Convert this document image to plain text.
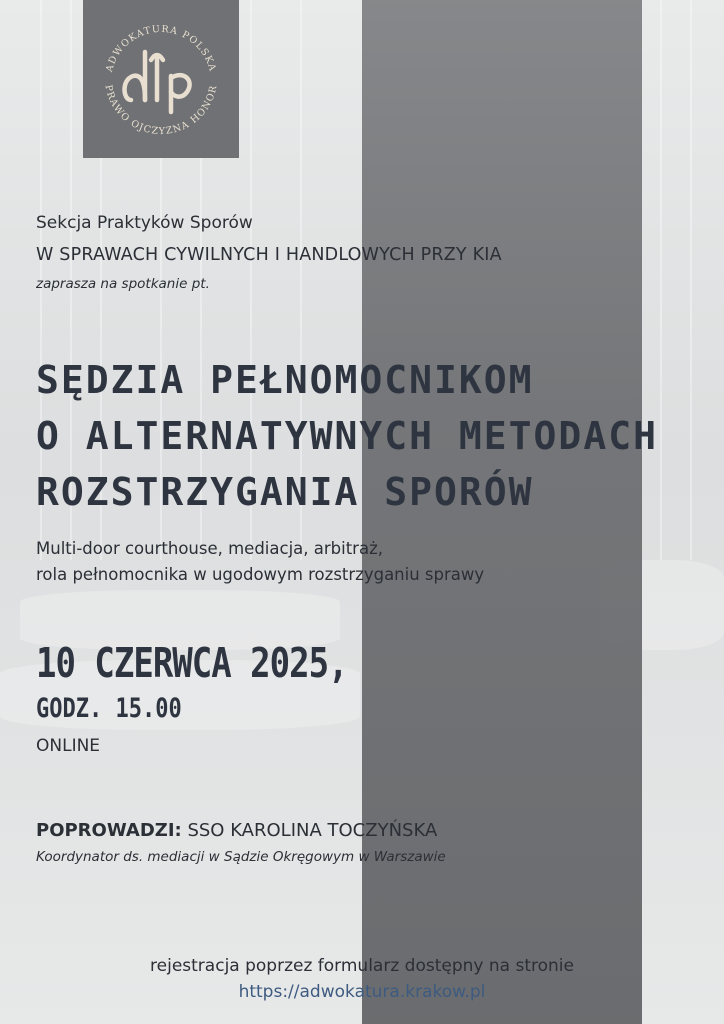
ADWOKATURA POLSKA
PRAWO OJCZYZNA HONOR
Sekcja Praktyków Sporów
W SPRAWACH CYWILNYCH I HANDLOWYCH PRZY KIA
zaprasza na spotkanie pt.
SĘDZIA PEŁNOMOCNIKOM
O ALTERNATYWNYCH METODACH
ROZSTRZYGANIA SPORÓW
Multi-door courthouse, mediacja, arbitraż,
rola pełnomocnika w ugodowym rozstrzyganiu sprawy
10 CZERWCA 2025,
GODZ. 15.00
ONLINE
POPROWADZI: SSO KAROLINA TOCZYŃSKA
Koordynator ds. mediacji w Sądzie Okręgowym w Warszawie
rejestracja poprzez formularz dostępny na stronie
https://adwokatura.krakow.pl
